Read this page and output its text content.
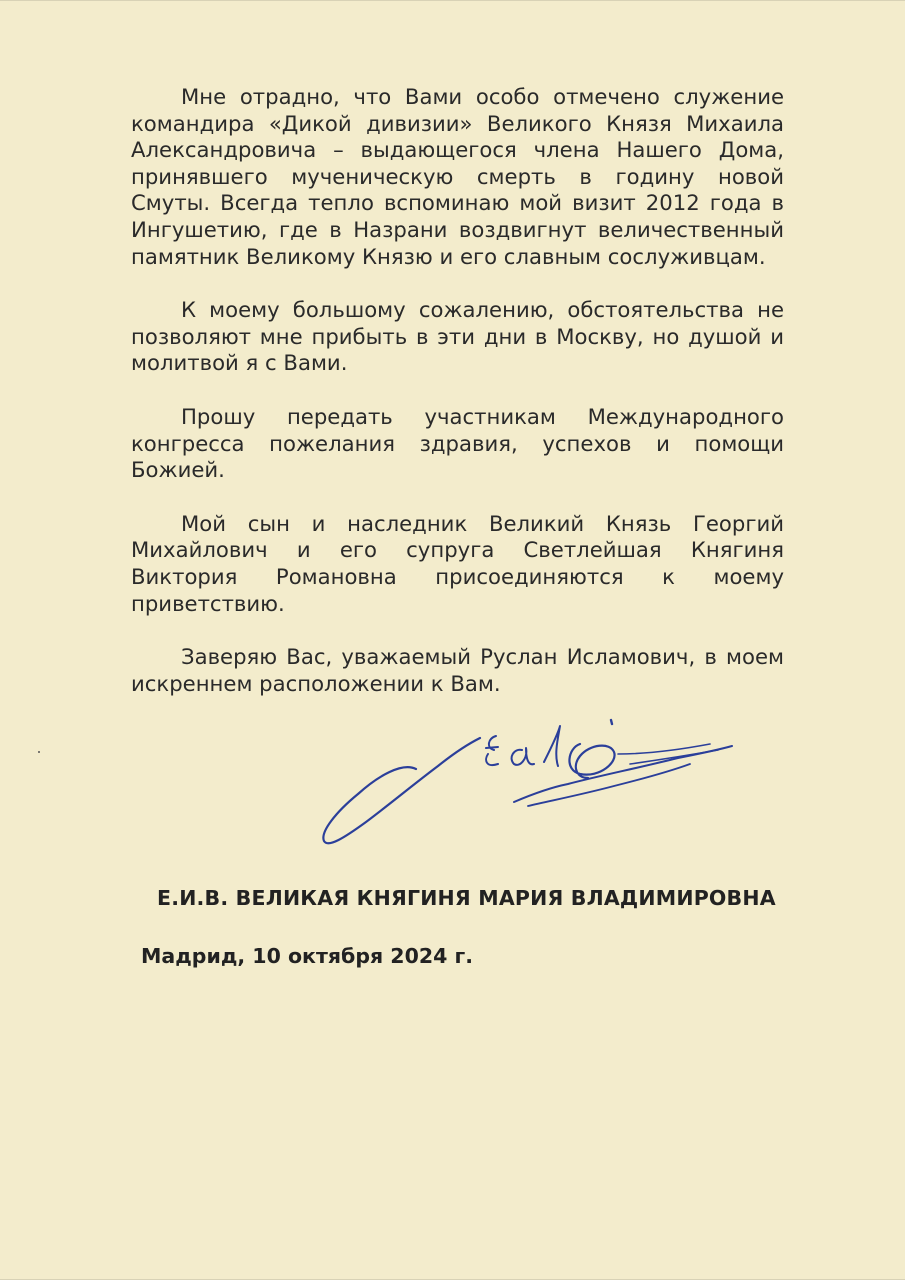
Мне отрадно, что Вами особо отмечено служение командира «Дикой дивизии» Великого Князя Михаила Александровича – выдающегося члена Нашего Дома, принявшего мученическую смерть в годину новой Смуты. Всегда тепло вспоминаю мой визит 2012 года в Ингушетию, где в Назрани воздвигнут величественный памятник Великому Князю и его славным сослуживцам.

К моему большому сожалению, обстоятельства не позволяют мне прибыть в эти дни в Москву, но душой и молитвой я с Вами.

Прошу передать участникам Международного конгресса пожелания здравия, успехов и помощи Божией.

Мой сын и наследник Великий Князь Георгий Михайлович и его супруга Светлейшая Княгиня Виктория Романовна присоединяются к моему приветствию.

Заверяю Вас, уважаемый Руслан Исламович, в моем искреннем расположении к Вам.

Е.И.В. ВЕЛИКАЯ КНЯГИНЯ МАРИЯ ВЛАДИМИРОВНА
Мадрид, 10 октября 2024 г.
